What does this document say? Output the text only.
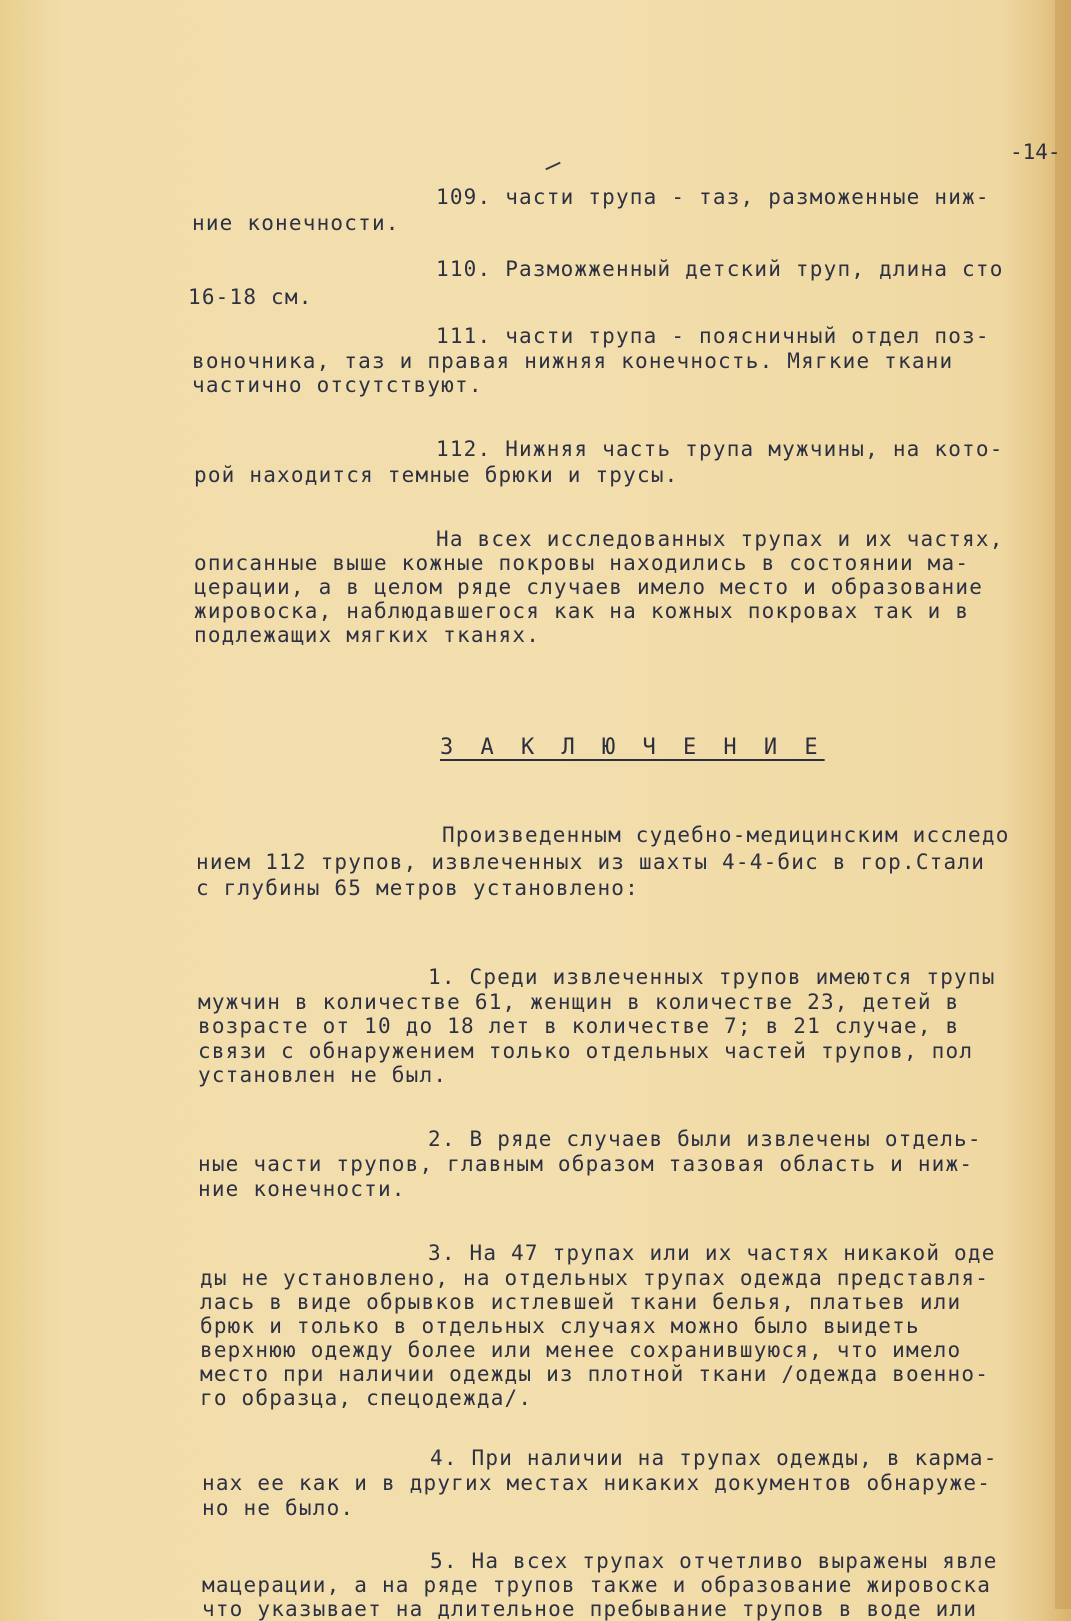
-14-
109. части трупа - таз, разможенные ниж-
ние конечности.
110. Разможженный детский труп, длина сто
16-18 см.
111. части трупа - поясничный отдел поз-
воночника, таз и правая нижняя конечность. Мягкие ткани
частично отсутствуют.
112. Нижняя часть трупа мужчины, на кото-
рой находится темные брюки и трусы.
На всех исследованных трупах и их частях,
описанные выше кожные покровы находились в состоянии ма-
церации, а в целом ряде случаев имело место и образование
жировоска, наблюдавшегося как на кожных покровах так и в
подлежащих мягких тканях.
З А К Л Ю Ч Е Н И Е
Произведенным судебно-медицинским исследо
нием 112 трупов, извлеченных из шахты 4-4-бис в гор.Стали
с глубины 65 метров установлено:
1. Среди извлеченных трупов имеются трупы
мужчин в количестве 61, женщин в количестве 23, детей в
возрасте от 10 до 18 лет в количестве 7; в 21 случае, в
связи с обнаружением только отдельных частей трупов, пол
установлен не был.
2. В ряде случаев были извлечены отдель-
ные части трупов, главным образом тазовая область и ниж-
ние конечности.
3. На 47 трупах или их частях никакой оде
ды не установлено, на отдельных трупах одежда представля-
лась в виде обрывков истлевшей ткани белья, платьев или
брюк и только в отдельных случаях можно было выидеть
верхнюю одежду более или менее сохранившуюся, что имело
место при наличии одежды из плотной ткани /одежда военно-
го образца, спецодежда/.
4. При наличии на трупах одежды, в карма-
нах ее как и в других местах никаких документов обнаруже-
но не было.
5. На всех трупах отчетливо выражены явле
мацерации, а на ряде трупов также и образование жировоска
что указывает на длительное пребывание трупов в воде или
